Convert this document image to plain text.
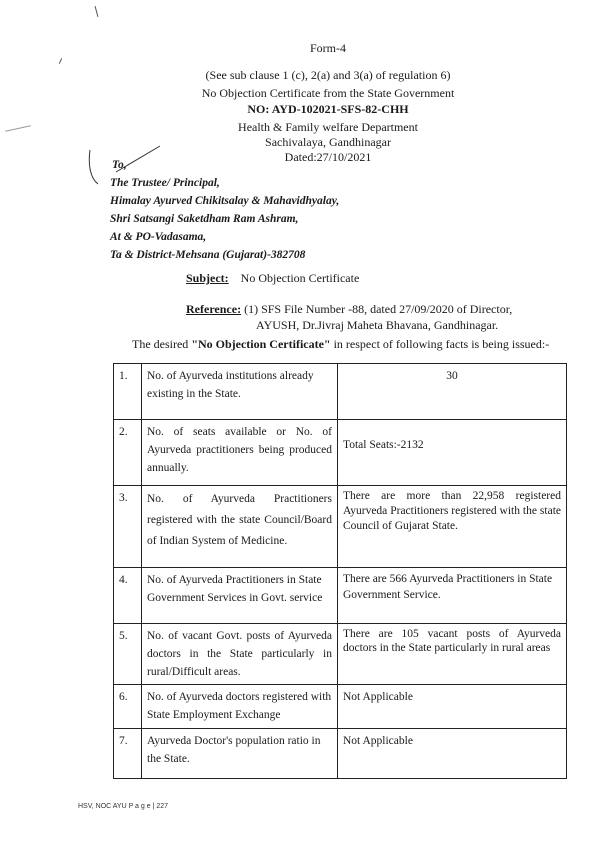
Form-4
(See sub clause 1 (c), 2(a) and 3(a) of regulation 6)
No Objection Certificate from the State Government
NO: AYD-102021-SFS-82-CHH
Health & Family welfare Department
Sachivalaya, Gandhinagar
Dated:27/10/2021
To,
The Trustee/ Principal,
Himalay Ayurved Chikitsalay & Mahavidhyalay,
Shri Satsangi Saketdham Ram Ashram,
At & PO-Vadasama,
Ta & District-Mehsana (Gujarat)-382708
Subject: No Objection Certificate
Reference: (1) SFS File Number -88, dated 27/09/2020 of Director,
AYUSH, Dr.Jivraj Maheta Bhavana, Gandhinagar.
The desired "No Objection Certificate" in respect of following facts is being issued:-
1.	No. of Ayurveda institutions already existing in the State.	30
2.	No. of seats available or No. of Ayurveda practitioners being produced annually.	Total Seats:-2132
3.	No. of Ayurveda Practitioners registered with the state Council/Board of Indian System of Medicine.	There are more than 22,958 registered Ayurveda Practitioners registered with the state Council of Gujarat State.
4.	No. of Ayurveda Practitioners in State Government Services in Govt. service	There are 566 Ayurveda Practitioners in State Government Service.
5.	No. of vacant Govt. posts of Ayurveda doctors in the State particularly in rural/Difficult areas.	There are 105 vacant posts of Ayurveda doctors in the State particularly in rural areas
6.	No. of Ayurveda doctors registered with State Employment Exchange	Not Applicable
7.	Ayurveda Doctor's population ratio in the State.	Not Applicable
HSV, NOC AYU P a g e | 227
